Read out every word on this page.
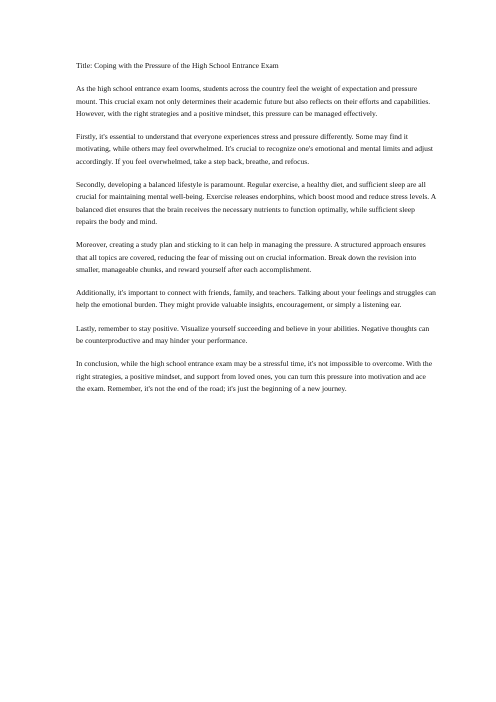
Title: Coping with the Pressure of the High School Entrance Exam

As the high school entrance exam looms, students across the country feel the weight of expectation and pressure mount. This crucial exam not only determines their academic future but also reflects on their efforts and capabilities. However, with the right strategies and a positive mindset, this pressure can be managed effectively.

Firstly, it's essential to understand that everyone experiences stress and pressure differently. Some may find it motivating, while others may feel overwhelmed. It's crucial to recognize one's emotional and mental limits and adjust accordingly. If you feel overwhelmed, take a step back, breathe, and refocus.

Secondly, developing a balanced lifestyle is paramount. Regular exercise, a healthy diet, and sufficient sleep are all crucial for maintaining mental well-being. Exercise releases endorphins, which boost mood and reduce stress levels. A balanced diet ensures that the brain receives the necessary nutrients to function optimally, while sufficient sleep repairs the body and mind.

Moreover, creating a study plan and sticking to it can help in managing the pressure. A structured approach ensures that all topics are covered, reducing the fear of missing out on crucial information. Break down the revision into smaller, manageable chunks, and reward yourself after each accomplishment.

Additionally, it's important to connect with friends, family, and teachers. Talking about your feelings and struggles can help the emotional burden. They might provide valuable insights, encouragement, or simply a listening ear.

Lastly, remember to stay positive. Visualize yourself succeeding and believe in your abilities. Negative thoughts can be counterproductive and may hinder your performance.

In conclusion, while the high school entrance exam may be a stressful time, it's not impossible to overcome. With the right strategies, a positive mindset, and support from loved ones, you can turn this pressure into motivation and ace the exam. Remember, it's not the end of the road; it's just the beginning of a new journey.
